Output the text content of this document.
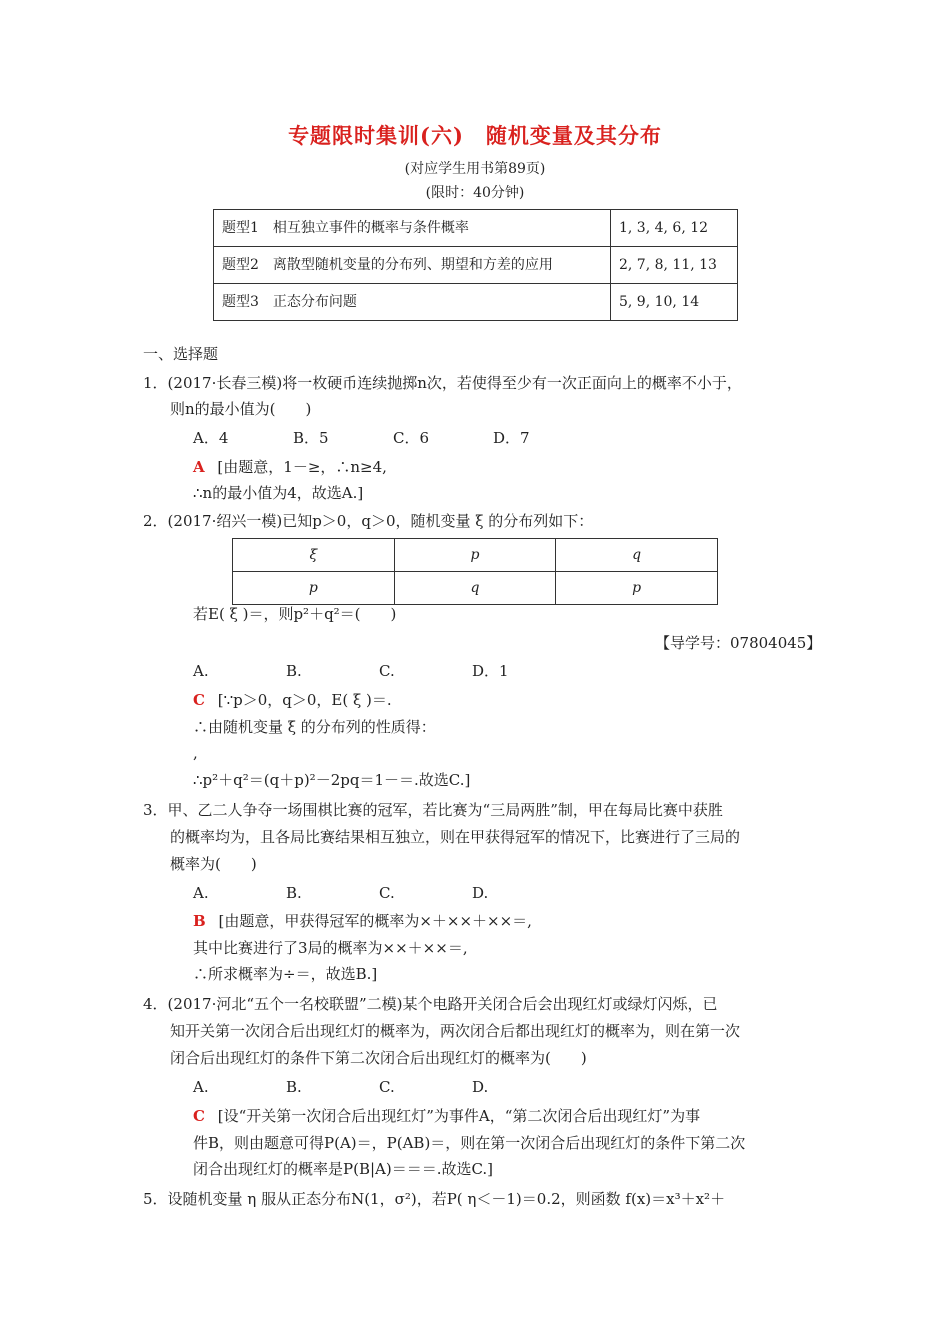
专题限时集训(六)　随机变量及其分布
(对应学生用书第89页)
(限时：40分钟)
题型1　相互独立事件的概率与条件概率	1, 3, 4, 6, 12
题型2　离散型随机变量的分布列、期望和方差的应用	2, 7, 8, 11, 13
题型3　正态分布问题	5, 9, 10, 14
一、选择题
1．(2017·长春三模)将一枚硬币连续抛掷n次，若使得至少有一次正面向上的概率不小于，
则n的最小值为(　　)
A．4	B．5	C．6	D．7
A [由题意，1－≥，∴n≥4,
∴n的最小值为4，故选A.]
2．(2017·绍兴一模)已知p＞0，q＞0，随机变量 ξ 的分布列如下：
ξ	p	q
p	q	p
若E( ξ )＝，则p²＋q²＝(　　)
【导学号：07804045】
A.	B.	C.	D．1
C [∵p＞0，q＞0，E( ξ )＝.
∴由随机变量 ξ 的分布列的性质得：
,
∴p²＋q²＝(q＋p)²－2pq＝1－＝.故选C.]
3．甲、乙二人争夺一场围棋比赛的冠军，若比赛为“三局两胜”制，甲在每局比赛中获胜
的概率均为，且各局比赛结果相互独立，则在甲获得冠军的情况下，比赛进行了三局的
概率为(　　)
A.	B.	C.	D.
B [由题意，甲获得冠军的概率为×＋××＋××＝,
其中比赛进行了3局的概率为××＋××＝,
∴所求概率为÷＝，故选B.]
4．(2017·河北“五个一名校联盟”二模)某个电路开关闭合后会出现红灯或绿灯闪烁，已
知开关第一次闭合后出现红灯的概率为，两次闭合后都出现红灯的概率为，则在第一次
闭合后出现红灯的条件下第二次闭合后出现红灯的概率为(　　)
A.	B.	C.	D.
C [设“开关第一次闭合后出现红灯”为事件A，“第二次闭合后出现红灯”为事
件B，则由题意可得P(A)＝，P(AB)＝，则在第一次闭合后出现红灯的条件下第二次
闭合出现红灯的概率是P(B|A)＝＝＝.故选C.]
5．设随机变量 η 服从正态分布N(1，σ²)，若P( η＜－1)＝0.2，则函数 f(x)＝x³＋x²＋
